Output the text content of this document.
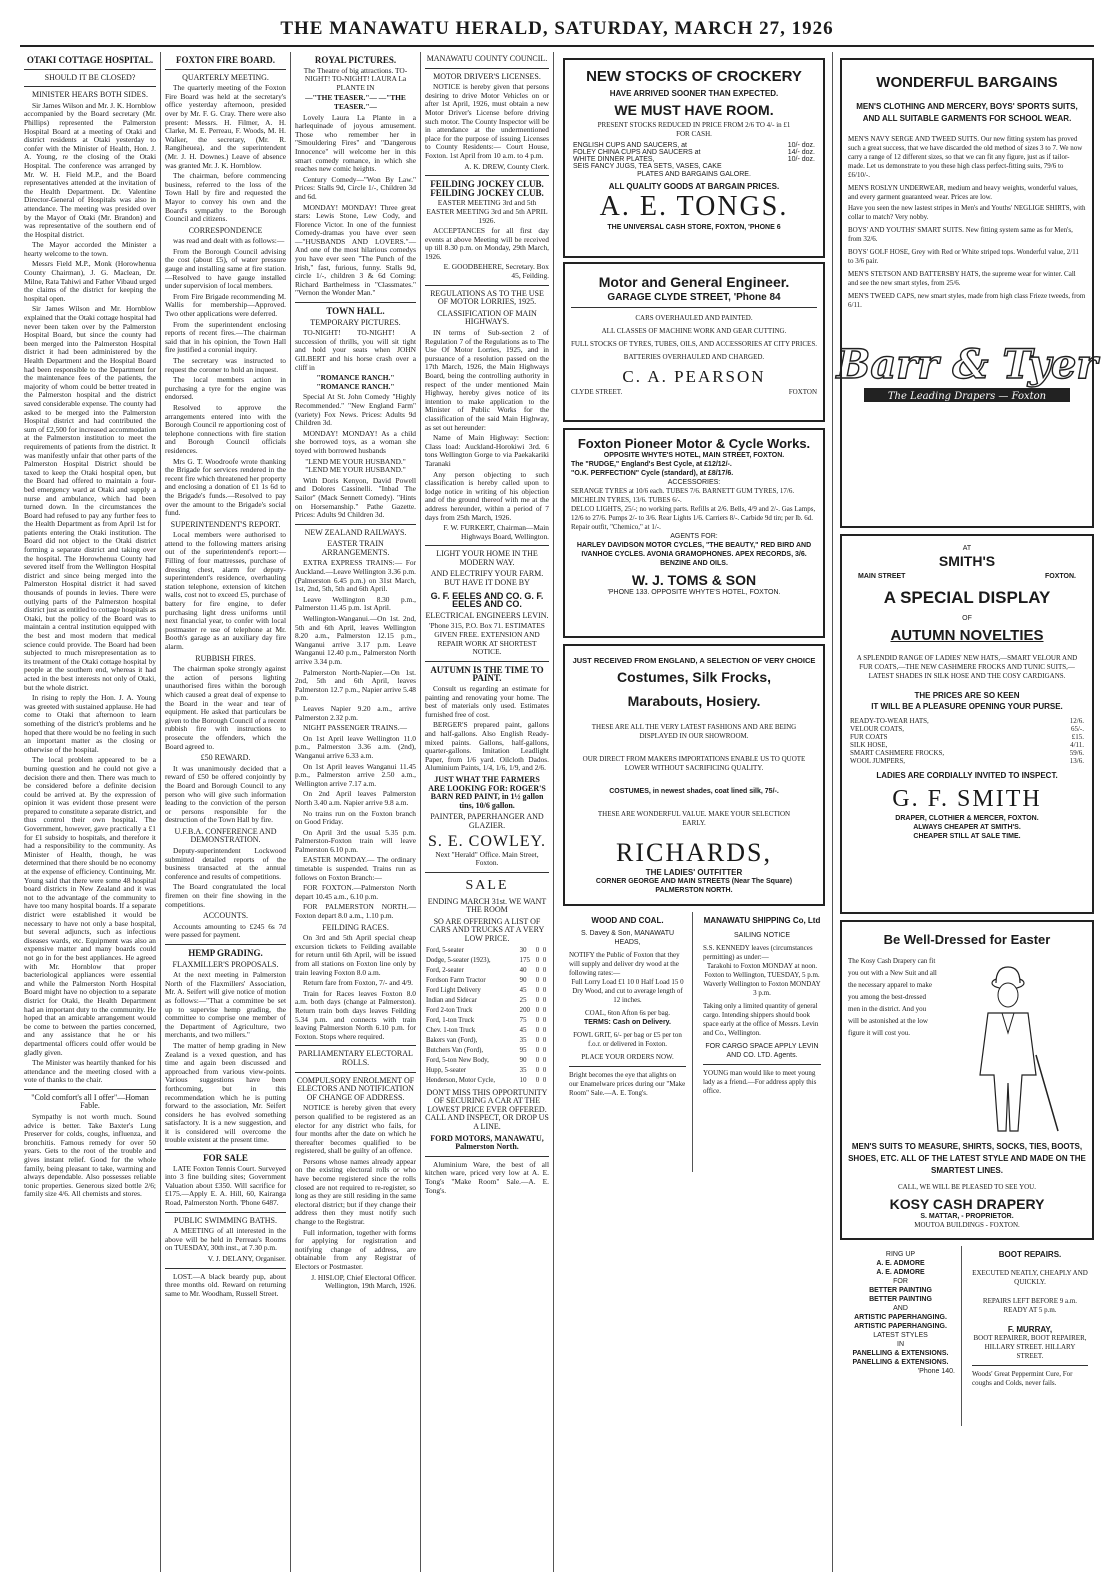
THE MANAWATU HERALD, SATURDAY, MARCH 27, 1926
OTAKI COTTAGE HOSPITAL.
SHOULD IT BE CLOSED?
MINISTER HEARS BOTH SIDES.

Sir James Wilson and Mr. J. K. Hornblow accompanied by the Board secretary (Mr. Phillips) represented the Palmerston Hospital Board at a meeting of Otaki and district residents at Otaki yesterday to confer with the Minister of Health, Hon. J. A. Young, re the closing of the Otaki Hospital. The conference was arranged by Mr. W. H. Field M.P., and the Board representatives attended at the invitation of the Health Department. Dr. Valentine Director-General of Hospitals was also in attendance. The meeting was presided over by the Mayor of Otaki (Mr. Brandon) and was representative of the southern end of the Hospital district.

The Mayor accorded the Minister a hearty welcome to the town.

Messrs Field M.P., Monk (Horowhenua County Chairman), J. G. Maclean, Dr. Milne, Rata Tahiwi and Father Vibaud urged the claims of the district for keeping the hospital open.

Sir James Wilson and Mr. Hornblow explained that the Otaki cottage hospital had never been taken over by the Palmerston Hospital Board, but since the county had been merged into the Palmerston Hospital district it had been administered by the Health Department and the Hospital Board had been responsible to the Department for the maintenance fees of the patients, the majority of whom could be better treated in the Palmerston hospital and the district saved considerable expense. The county had asked to be merged into the Palmerston Hospital district and had contributed the sum of £2,500 for increased accommodation at the Palmerston institution to meet the requirements of patients from the district. It was manifestly unfair that other parts of the Palmerston Hospital District should be taxed to keep the Otaki hospital open, but the Board had offered to maintain a four-bed emergency ward at Otaki and supply a nurse and ambulance, which had been turned down. In the circumstances the Board had refused to pay any further fees to the Health Department as from April 1st for patients entering the Otaki institution. The Board did not object to the Otaki district forming a separate district and taking over the hospital. The Horowhenua County had severed itself from the Wellington Hospital district and since being merged into the Palmerston Hospital district it had saved thousands of pounds in levies. There were outlying parts of the Palmerston hospital district just as entitled to cottage hospitals as Otaki, but the policy of the Board was to maintain a central institution equipped with the best and most modern that medical science could provide. The Board had been subjected to much misrepresentation as to its treatment of the Otaki cottage hospital by people at the southern end, whereas it had acted in the best interests not only of Otaki, but the whole district.

In rising to reply the Hon. J. A. Young was greeted with sustained applause. He had come to Otaki that afternoon to learn something of the district's problems and he hoped that there would be no feeling in such an important matter as the closing or otherwise of the hospital.

The local problem appeared to be a burning question and he could not give a decision there and then. There was much to be considered before a definite decision could be arrived at. By the expression of opinion it was evident those present were prepared to constitute a separate district, and thus control their own hospital. The Government, however, gave practically a £1 for £1 subsidy to hospitals, and therefore it had a responsibility to the community. As Minister of Health, though, he was determined that there should be no economy at the expense of efficiency. Continuing, Mr. Young said that there were some 48 hospital board districts in New Zealand and it was not to the advantage of the community to have too many hospital boards. If a separate district were established it would be necessary to have not only a base hospital, but several adjuncts, such as infectious diseases wards, etc. Equipment was also an expensive matter and many boards could not go in for the best appliances. He agreed with Mr. Hornblow that proper bacteriological appliances were essential and while the Palmerston North Hospital Board might have no objection to a separate district for Otaki, the Health Department had an important duty to the community. He hoped that an amicable arrangement would be come to between the parties concerned, and any assistance that he or his departmental officers could offer would be gladly given.

The Minister was heartily thanked for his attendance and the meeting closed with a vote of thanks to the chair.

"Cold comfort's all I offer"—Homan Fable.

Sympathy is not worth much. Sound advice is better. Take Baxter's Lung Preserver for colds, coughs, influenza, and bronchitis. Famous remedy for over 50 years. Gets to the root of the trouble and gives instant relief. Good for the whole family, being pleasant to take, warming and always dependable. Also possesses reliable tonic properties. Generous sized bottle 2/6; family size 4/6. All chemists and stores.

FOXTON FIRE BOARD.
QUARTERLY MEETING.

The quarterly meeting of the Foxton Fire Board was held at the secretary's office yesterday afternoon, presided over by Mr. F. G. Cray. There were also present: Messrs. H. Filmer, A. H. Clarke, M. E. Perreau, F. Woods, M. H. Walker, the secretary, (Mr. R. Rangiheuea), and the superintendent (Mr. J. H. Downes.) Leave of absence was granted Mr. J. K. Hornblow.

The chairman, before commencing business, referred to the loss of the Town Hall by fire and requested the Mayor to convey his own and the Board's sympathy to the Borough Council and citizens.

CORRESPONDENCE

was read and dealt with as follows:—

From the Borough Council advising the cost (about £5), of water pressure gauge and installing same at fire station.—Resolved to have gauge installed under supervision of local members.

From Fire Brigade recommending M. Wallis for membership—Approved. Two other applications were deferred.

From the superintendent enclosing reports of recent fires.—The chairman said that in his opinion, the Town Hall fire justified a coronial inquiry.

The secretary was instructed to request the coroner to hold an inquest.

The local members action in purchasing a tyre for the engine was endorsed.

Resolved to approve the arrangements entered into with the Borough Council re apportioning cost of telephone connections with fire station and Borough Council officials residences.

Mrs G. T. Woodroofe wrote thanking the Brigade for services rendered in the recent fire which threatened her property and enclosing a donation of £1 1s 6d to the Brigade's funds.—Resolved to pay over the amount to the Brigade's social fund.

SUPERINTENDENT'S REPORT.

Local members were authorised to attend to the following matters arising out of the superintendent's report:—Filling of four mattresses, purchase of dressing chest, alarm for deputy-superintendent's residence, overhauling station telephone, extension of kitchen walls, cost not to exceed £5, purchase of battery for fire engine, to defer purchasing light dress uniforms until next financial year, to confer with local postmaster re use of telephone at Mr. Booth's garage as an auxiliary day fire alarm.

RUBBISH FIRES.

The chairman spoke strongly against the action of persons lighting unauthorised fires within the borough which caused a great deal of expense to the Board in the wear and tear of equipment. He asked that particulars be given to the Borough Council of a recent rubbish fire with instructions to prosecute the offenders, which the Board agreed to.

£50 REWARD.

It was unanimously decided that a reward of £50 be offered conjointly by the Board and Borough Council to any person who will give such information leading to the conviction of the person or persons responsible for the destruction of the Town Hall by fire.

U.F.B.A. CONFERENCE AND DEMONSTRATION.

Deputy-superintendent Lockwood submitted detailed reports of the business transacted at the annual conference and results of competitions.

The Board congratulated the local firemen on their fine showing in the competitions.

ACCOUNTS.

Accounts amounting to £245 6s 7d were passed for payment.

HEMP GRADING.
FLAXMILLER'S PROPOSALS.

At the next meeting in Palmerston North of the Flaxmillers' Association, Mr. A. Seifert will give notice of motion as follows:—"That a committee be set up to supervise hemp grading, the committee to comprise one member of the Department of Agriculture, two merchants, and two millers."

The matter of hemp grading in New Zealand is a vexed question, and has time and again been discussed and approached from various view-points. Various suggestions have been forthcoming, but in this recommendation which he is putting forward to the association, Mr. Seifert considers he has evolved something satisfactory. It is a new suggestion, and it is considered will overcome the trouble existent at the present time.

FOR SALE

LATE Foxton Tennis Court. Surveyed into 3 fine building sites; Government Valuation about £350. Will sacrifice for £175.—Apply E. A. Hill, 60, Kairanga Road, Palmerston North. 'Phone 6487.

PUBLIC SWIMMING BATHS.

A MEETING of all interested in the above will be held in Perreau's Rooms on TUESDAY, 30th inst., at 7.30 p.m.

V. J. DELANY, Organiser.

LOST.—A black beardy pup, about three months old. Reward on returning same to Mr. Woodham, Russell Street.

ROYAL PICTURES.

The Theatre of big attractions. TO-NIGHT! TO-NIGHT! LAURA La PLANTE IN

—"THE TEASER."— —"THE TEASER."—

Lovely Laura La Plante in a harlequinade of joyous amusement. Those who remember her in "Smouldering Fires" and "Dangerous Innocence" will welcome her in this smart comedy romance, in which she reaches new comic heights.

Century Comedy—"Won By Law." Prices: Stalls 9d, Circle 1/-, Children 3d and 6d.

MONDAY! MONDAY! Three great stars: Lewis Stone, Lew Cody, and Florence Victor. In one of the funniest Comedy-dramas you have ever seen —"HUSBANDS AND LOVERS."— And one of the most hilarious comedys you have ever seen "The Punch of the Irish," fast, furious, funny. Stalls 9d, circle 1/-, children 3 & 6d Coming: Richard Barthelmess in "Classmates." "Vernon the Wonder Man."

TOWN HALL.
TEMPORARY PICTURES.

TO-NIGHT! TO-NIGHT! A succession of thrills, you will sit tight and hold your seats when JOHN GILBERT and his horse crash over a cliff in

"ROMANCE RANCH." "ROMANCE RANCH."

Special At St. John Comedy "Highly Recommended." "New England Farm" (variety) Fox News. Prices: Adults 9d Children 3d.

MONDAY! MONDAY! As a child she borrowed toys, as a woman she toyed with borrowed husbands

"LEND ME YOUR HUSBAND." "LEND ME YOUR HUSBAND."

With Doris Kenyon, David Powell and Dolores Cassinelli. "Inbad The Sailor" (Mack Sennett Comedy). "Hints on Horsemanship." Pathe Gazette. Prices: Adults 9d Children 3d.

NEW ZEALAND RAILWAYS.
EASTER TRAIN ARRANGEMENTS.

EXTRA EXPRESS TRAINS:— For Auckland.—Leave Wellington 3.36 p.m. (Palmerston 6.45 p.m.) on 31st March, 1st, 2nd, 5th, 5th and 6th April.

Leave Wellington 8.30 p.m., Palmerston 11.45 p.m. 1st April.

Wellington-Wanganui.—On 1st. 2nd, 5th and 6th April, leaves Wellington 8.20 a.m., Palmerston 12.15 p.m., Wanganui arrive 3.17 p.m. Leave Wanganui 12.40 p.m., Palmerston North arrive 3.34 p.m.

Palmerston North-Napier.—On 1st. 2nd, 5th and 6th April, leaves Palmerston 12.7 p.m., Napier arrive 5.48 p.m.

Leaves Napier 9.20 a.m., arrive Palmerston 2.32 p.m.

NIGHT PASSENGER TRAINS.—

On 1st April leave Wellington 11.0 p.m., Palmerston 3.36 a.m. (2nd), Wanganui arrive 6.33 a.m.

On 1st April leaves Wanganui 11.45 p.m., Palmerston arrive 2.50 a.m., Wellington arrive 7.17 a.m.

On 2nd April leaves Palmerston North 3.40 a.m. Napier arrive 9.8 a.m.

No trains run on the Foxton branch on Good Friday.

On April 3rd the usual 5.35 p.m. Palmerston-Foxton train will leave Palmerston 6.10 p.m.

EASTER MONDAY.— The ordinary timetable is suspended. Trains run as follows on Foxton Branch:—

FOR FOXTON.—Palmerston North depart 10.45 a.m., 6.10 p.m.

FOR PALMERSTON NORTH.—Foxton depart 8.0 a.m., 1.10 p.m.

FEILDING RACES.

On 3rd and 5th April special cheap excursion tickets to Feilding available for return until 6th April, will be issued from all stations on Foxton line only by train leaving Foxton 8.0 a.m.

Return fare from Foxton, 7/- and 4/9.

Train for Races leaves Foxton 8.0 a.m. both days (change at Palmerston). Return train both days leaves Feilding 5.34 p.m. and connects with train leaving Palmerston North 6.10 p.m. for Foxton. Stops where required.

PARLIAMENTARY ELECTORAL ROLLS.
COMPULSORY ENROLMENT OF ELECTORS AND NOTIFICATION OF CHANGE OF ADDRESS.

NOTICE is hereby given that every person qualified to be registered as an elector for any district who fails, for four months after the date on which he thereafter becomes qualified to be registered, shall be guilty of an offence.

Persons whose names already appear on the existing electoral rolls or who have become registered since the rolls closed are not required to re-register, so long as they are still residing in the same electoral district; but if they change their address then they must notify such change to the Registrar.

Full information, together with forms for applying for registration and notifying change of address, are obtainable from any Registrar of Electors or Postmaster.

J. HISLOP, Chief Electoral Officer. Wellington, 19th March, 1926.

MANAWATU COUNTY COUNCIL.
MOTOR DRIVER'S LICENSES.

NOTICE is hereby given that persons desiring to drive Motor Vehicles on or after 1st April, 1926, must obtain a new Motor Driver's License before driving such motor. The County Inspector will be in attendance at the undermentioned place for the purpose of issuing Licenses to County Residents:— Court House, Foxton. 1st April from 10 a.m. to 4 p.m.

A. K. DREW, County Clerk.

FEILDING JOCKEY CLUB. FEILDING JOCKEY CLUB.

EASTER MEETING 3rd and 5th EASTER MEETING 3rd and 5th APRIL 1926.

ACCEPTANCES for all first day events at above Meeting will be received up till 8.30 p.m. on Monday, 29th March, 1926.

E. GOODBEHERE, Secretary. Box 45, Feilding.

REGULATIONS AS TO THE USE OF MOTOR LORRIES, 1925.
CLASSIFICATION OF MAIN HIGHWAYS.

IN terms of Sub-section 2 of Regulation 7 of the Regulations as to The Use Of Motor Lorries, 1925, and in pursuance of a resolution passed on the 17th March, 1926, the Main Highways Board, being the controlling authority in respect of the under mentioned Main Highway, hereby gives notice of its intention to make application to the Minister of Public Works for the classification of the said Main Highway, as set out hereunder:

Name of Main Highway: Section: Class load: Auckland-Horokiwi 3rd. 6 tons Wellington Gorge to via Paekakariki Taranaki

Any person objecting to such classification is hereby called upon to lodge notice in writing of his objection and of the ground thereof with me at the address hereunder, within a period of 7 days from 25th March, 1926.

F. W. FURKERT, Chairman—Main Highways Board, Wellington.

LIGHT YOUR HOME IN THE MODERN WAY.
AND ELECTRIFY YOUR FARM. BUT HAVE IT DONE BY
G. F. EELES AND CO. G. F. EELES AND CO.
ELECTRICAL ENGINEERS LEVIN.

'Phone 315, P.O. Box 71. ESTIMATES GIVEN FREE. EXTENSION AND REPAIR WORK AT SHORTEST NOTICE.

AUTUMN IS THE TIME TO PAINT.

Consult us regarding an estimate for painting and renovating your home. The best of materials only used. Estimates furnished free of cost.

BERGER'S prepared paint, gallons and half-gallons. Also English Ready-mixed paints. Gallons, half-gallons, quarter-gallons. Imitation Leadlight Paper, from 1/6 yard. Oilcloth Dados. Aluminium Paints, 1/4, 1/6, 1/9, and 2/6.

JUST WHAT THE FARMERS ARE LOOKING FOR: ROGER'S BARN RED PAINT, in 1½ gallon tins, 10/6 gallon.
PAINTER, PAPERHANGER AND GLAZIER.
S. E. COWLEY.

Next "Herald" Office. Main Street, Foxton.

SALE
ENDING MARCH 31st. WE WANT THE ROOM
SO ARE OFFERING A LIST OF CARS AND TRUCKS AT A VERY LOW PRICE.
Ford, 5-seater	30	0	0
Dodge, 5-seater (1923),	175	0	0
Ford, 2-seater	40	0	0
Fordson Farm Tractor	90	0	0
Ford Light Delivery	45	0	0
Indian and Sidecar	25	0	0
Ford 2-ton Truck	200	0	0
Ford, 1-ton Truck	75	0	0
Chev. 1-ton Truck	45	0	0
Bakers van (Ford),	35	0	0
Butchers Van (Ford),	95	0	0
Ford, 5-ton New Body,	90	0	0
Hupp, 5-seater	35	0	0
Henderson, Motor Cycle,	10	0	0
DON'T MISS THIS OPPORTUNITY OF SECURING A CAR AT THE LOWEST PRICE EVER OFFERED. CALL AND INSPECT, OR DROP US A LINE.
FORD MOTORS, MANAWATU, Palmerston North.

Aluminium Ware, the best of all kitchen ware, priced very low at A. E. Tong's "Make Room" Sale.—A. E. Tong's.

NEW STOCKS OF CROCKERY
HAVE ARRIVED SOONER THAN EXPECTED.
WE MUST HAVE ROOM.
PRESENT STOCKS REDUCED IN PRICE FROM 2/6 TO 4/- in £1 FOR CASH.
ENGLISH CUPS AND SAUCERS, at	10/- doz.
FOLEY CHINA CUPS AND SAUCERS at	14/- doz.
WHITE DINNER PLATES,	10/- doz.
SEIS FANCY JUGS, TEA SETS, VASES, CAKE	
PLATES AND BARGAINS GALORE.
ALL QUALITY GOODS AT BARGAIN PRICES.
A. E. TONGS.
THE UNIVERSAL CASH STORE, FOXTON, 'PHONE 6
Motor and General Engineer.
GARAGE CLYDE STREET, 'Phone 84
CARS OVERHAULED AND PAINTED.
ALL CLASSES OF MACHINE WORK AND GEAR CUTTING.
FULL STOCKS OF TYRES, TUBES, OILS, AND ACCESSORIES AT CITY PRICES.
BATTERIES OVERHAULED AND CHARGED.
C. A. PEARSON
CLYDE STREET.	FOXTON
Foxton Pioneer Motor & Cycle Works.
OPPOSITE WHYTE'S HOTEL, MAIN STREET, FOXTON.
The "RUDGE," England's Best Cycle, at £12/12/-.
"O.K. PERFECTION" Cycle (standard), at £8/17/6.
ACCESSORIES:
SERANGE TYRES at 10/6 each. TUBES 7/6. BARNETT GUM TYRES, 17/6. MICHELIN TYRES, 13/6. TUBES 6/-.
DELCO LIGHTS, 25/-; no working parts. Refills at 2/6. Bells, 4/9 and 2/-. Gas Lamps, 12/6 to 27/6. Pumps 2/- to 3/6. Rear Lights 1/6. Carriers 8/-. Carbide 9d tin; per lb. 6d. Repair outfit, "Chemico," at 1/-.
AGENTS FOR:
HARLEY DAVIDSON MOTOR CYCLES, "THE BEAUTY," RED BIRD AND IVANHOE CYCLES. AVONIA GRAMOPHONES. APEX RECORDS, 3/6. BENZINE AND OILS.
W. J. TOMS & SON
'PHONE 133. OPPOSITE WHYTE'S HOTEL, FOXTON.
JUST RECEIVED FROM ENGLAND, A SELECTION OF VERY CHOICE
Costumes, Silk Frocks,
Marabouts, Hosiery.
THESE ARE ALL THE VERY LATEST FASHIONS AND ARE BEING DISPLAYED IN OUR SHOWROOM.
OUR DIRECT FROM MAKERS IMPORTATIONS ENABLE US TO QUOTE LOWER WITHOUT SACRIFICING QUALITY.
COSTUMES, in newest shades, coat lined silk, 75/-.
THESE ARE WONDERFUL VALUE. MAKE YOUR SELECTION EARLY.
RICHARDS,
THE LADIES' OUTFITTER
CORNER GEORGE AND MAIN STREETS (Near The Square) PALMERSTON NORTH.
WOOD AND COAL.
S. Davey & Son, MANAWATU HEADS,
NOTIFY the Public of Foxton that they will supply and deliver dry wood at the following rates:—
Full Lorry Load £1 10 0 Half Load 15 0
Dry Wood, and cut to average length of 12 inches.
COAL, 6ton Afton 6s per bag.
TERMS: Cash on Delivery.
FOWL GRIT, 6/- per bag or £5 per ton f.o.r. or delivered in Foxton.
PLACE YOUR ORDERS NOW.
Bright becomes the eye that alights on our Enamelware prices during our "Make Room" Sale.—A. E. Tong's.
MANAWATU SHIPPING Co, Ltd
SAILING NOTICE
S.S. KENNEDY leaves (circumstances permitting) as under:—
Tarakohi to Foxton MONDAY at noon.
Foxton to Wellington, TUESDAY, 5 p.m.
Waverly Wellington to Foxton MONDAY 3 p.m.
Taking only a limited quantity of general cargo. Intending shippers should book space early at the office of Messrs. Levin and Co., Wellington.
FOR CARGO SPACE APPLY LEVIN AND CO. LTD. Agents.
YOUNG man would like to meet young lady as a friend.—For address apply this office.
WONDERFUL BARGAINS
MEN'S CLOTHING AND MERCERY, BOYS' SPORTS SUITS, AND ALL SUITABLE GARMENTS FOR SCHOOL WEAR.
MEN'S NAVY SERGE AND TWEED SUITS. Our new fitting system has proved such a great success, that we have discarded the old method of sizes 3 to 7. We now carry a range of 12 different sizes, so that we can fit any figure, just as if tailor-made. Let us demonstrate to you these high class perfect-fitting suits, 79/6 to £6/10/-.
MEN'S ROSLYN UNDERWEAR, medium and heavy weights, wonderful values, and every garment guaranteed wear. Prices are low.
Have you seen the new lastest stripes in Men's and Youths' NEGLIGE SHIRTS, with collar to match? Very nobby.
BOYS' AND YOUTHS' SMART SUITS. New fitting system same as for Men's, from 32/6.
BOYS' GOLF HOSE, Grey with Red or White striped tops. Wonderful value, 2/11 to 3/6 pair.
MEN'S STETSON AND BATTERSBY HATS, the supreme wear for winter. Call and see the new smart styles, from 25/6.
MEN'S TWEED CAPS, new smart styles, made from high class Frieze tweeds, from 6/11.
Barr & Tyer
The Leading Drapers — Foxton
AT
SMITH'S
MAIN STREET	FOXTON.
A SPECIAL DISPLAY
OF
AUTUMN NOVELTIES
A SPLENDID RANGE OF LADIES' NEW HATS,—SMART VELOUR AND FUR COATS,—THE NEW CASHMERE FROCKS AND TUNIC SUITS,—LATEST SHADES IN SILK HOSE AND THE COSY CARDIGANS.
THE PRICES ARE SO KEEN
IT WILL BE A PLEASURE OPENING YOUR PURSE.
READY-TO-WEAR HATS,	12/6.
VELOUR COATS,	65/-.
FUR COATS	£15.
SILK HOSE,	4/11.
SMART CASHMERE FROCKS,	59/6.
WOOL JUMPERS,	13/6.
LADIES ARE CORDIALLY INVITED TO INSPECT.
G. F. SMITH
DRAPER, CLOTHIER & MERCER, FOXTON.
ALWAYS CHEAPER AT SMITH'S.
CHEAPER STILL AT SALE TIME.
Be Well-Dressed for Easter
The Kosy Cash Drapery can fit you out with a New Suit and all the necessary apparel to make you among the best-dressed men in the district. And you will be astonished at the low figure it will cost you.
MEN'S SUITS TO MEASURE, SHIRTS, SOCKS, TIES, BOOTS, SHOES, ETC. ALL OF THE LATEST STYLE AND MADE ON THE SMARTEST LINES.
CALL, WE WILL BE PLEASED TO SEE YOU.
KOSY CASH DRAPERY
S. MATTAR, - PROPRIETOR.
MOUTOA BUILDINGS - FOXTON.
RING UP
A. E. ADMORE
A. E. ADMORE
FOR
BETTER PAINTING
BETTER PAINTING
AND
ARTISTIC PAPERHANGING.
ARTISTIC PAPERHANGING.
LATEST STYLES
IN
PANELLING & EXTENSIONS.
PANELLING & EXTENSIONS.
'Phone 140.
BOOT REPAIRS.
EXECUTED NEATLY, CHEAPLY AND QUICKLY.
REPAIRS LEFT BEFORE 9 a.m. READY AT 5 p.m.
F. MURRAY,
BOOT REPAIRER, BOOT REPAIRER,
HILLARY STREET. HILLARY STREET.
Woods' Great Peppermint Cure, For coughs and Colds, never fails.
